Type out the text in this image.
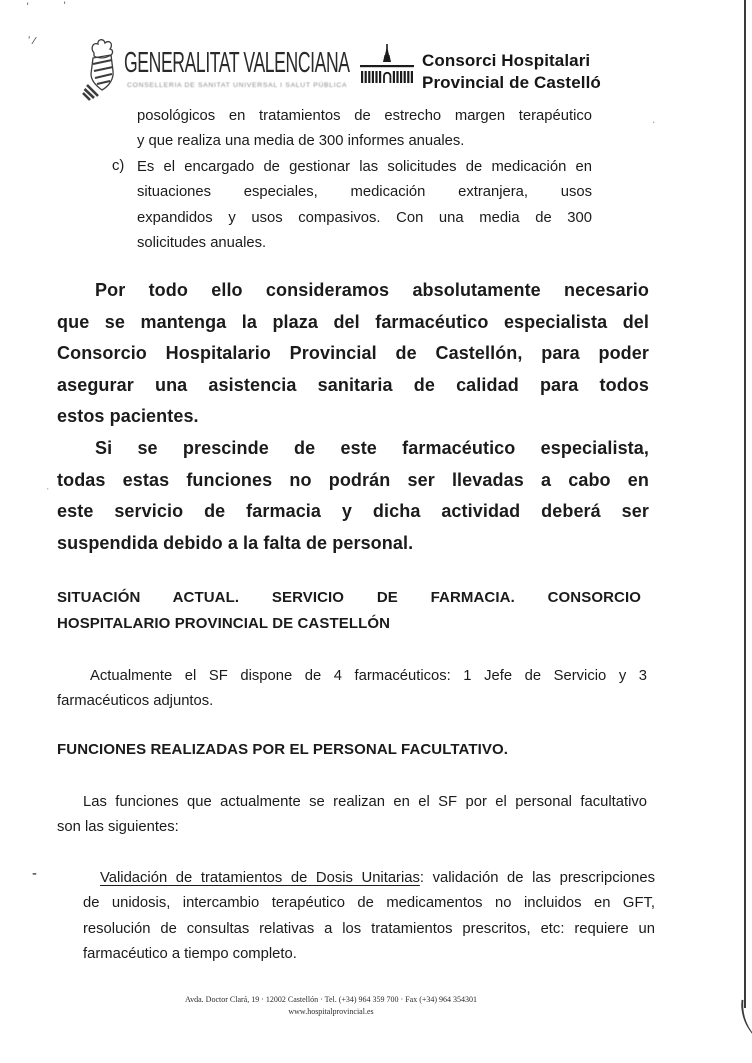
'	'
'/
.
·
GENERALITAT VALENCIANA
CONSELLERIA DE SANITAT UNIVERSAL I SALUT PÚBLICA
Consorci Hospitalari
Provincial de Castelló
posológicos en tratamientos de estrecho margen terapéutico
y que realiza una media de 300 informes anuales.
c) Es el encargado de gestionar las solicitudes de medicación en
situaciones especiales, medicación extranjera, usos
expandidos y usos compasivos. Con una media de 300
solicitudes anuales.
Por todo ello consideramos absolutamente necesario
que se mantenga la plaza del farmacéutico especialista del
Consorcio Hospitalario Provincial de Castellón, para poder
asegurar una asistencia sanitaria de calidad para todos
estos pacientes.
Si se prescinde de este farmacéutico especialista,
todas estas funciones no podrán ser llevadas a cabo en
este servicio de farmacia y dicha actividad deberá ser
suspendida debido a la falta de personal.
SITUACIÓN ACTUAL. SERVICIO DE FARMACIA. CONSORCIO
HOSPITALARIO PROVINCIAL DE CASTELLÓN
Actualmente el SF dispone de 4 farmacéuticos: 1 Jefe de Servicio y 3
farmacéuticos adjuntos.
FUNCIONES REALIZADAS POR EL PERSONAL FACULTATIVO.
Las funciones que actualmente se realizan en el SF por el personal facultativo
son las siguientes:
-	Validación de tratamientos de Dosis Unitarias: validación de las prescripciones
de unidosis, intercambio terapéutico de medicamentos no incluidos en GFT,
resolución de consultas relativas a los tratamientos prescritos, etc: requiere un
farmacéutico a tiempo completo.
Avda. Doctor Clará, 19 · 12002 Castellón · Tel. (+34) 964 359 700 · Fax (+34) 964 354301
www.hospitalprovincial.es
